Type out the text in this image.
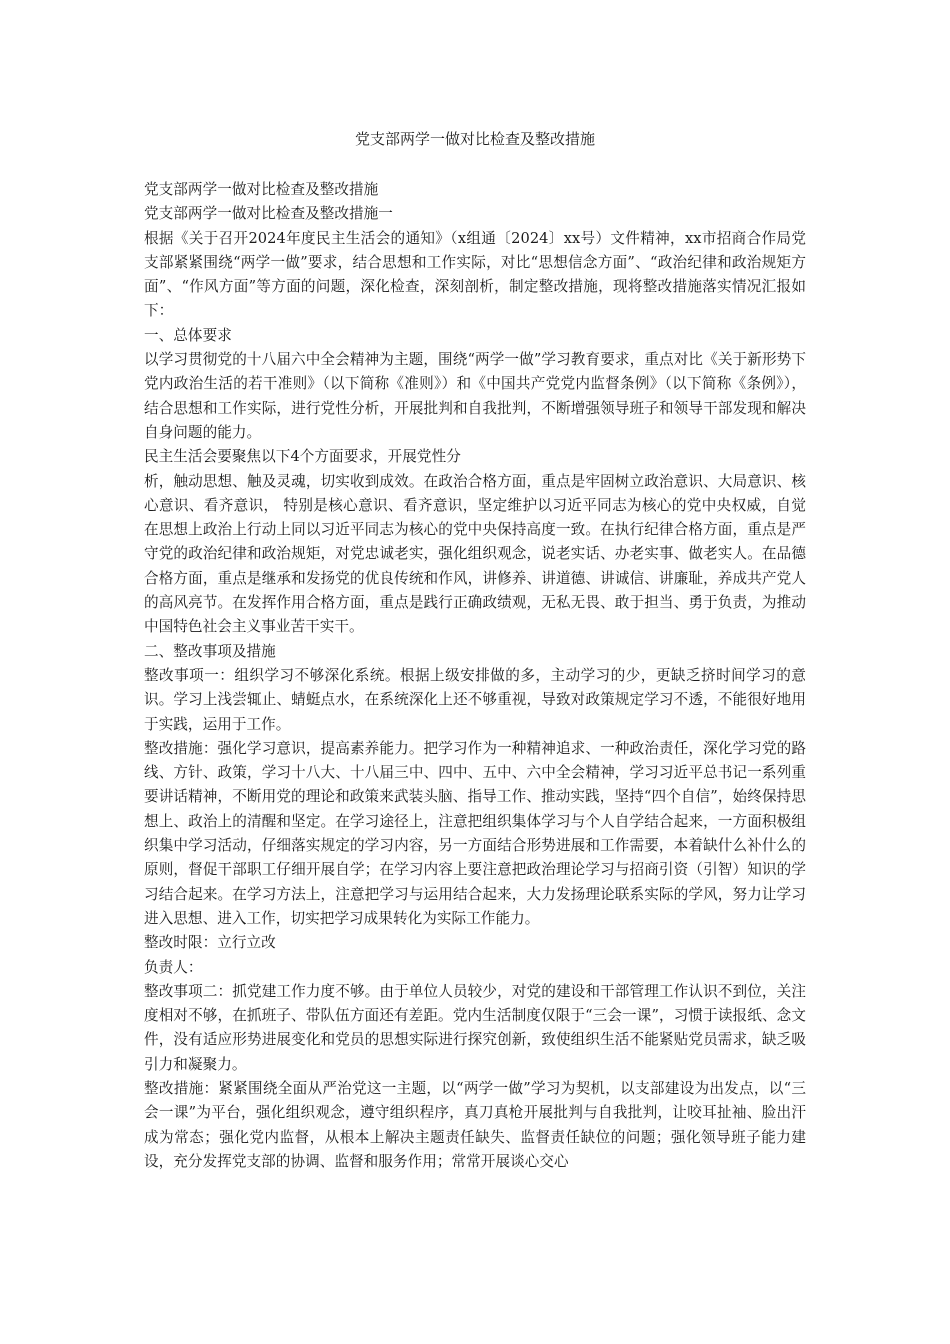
党支部两学一做对比检查及整改措施

党支部两学一做对比检查及整改措施

党支部两学一做对比检查及整改措施一

根据《关于召开2024年度民主生活会的通知》（x组通〔2024〕xx号）文件精神，xx市招商合作局党支部紧紧围绕“两学一做”要求，结合思想和工作实际，对比“思想信念方面”、“政治纪律和政治规矩方面”、“作风方面”等方面的问题，深化检查，深刻剖析，制定整改措施，现将整改措施落实情况汇报如下：

一、总体要求

以学习贯彻党的十八届六中全会精神为主题，围绕“两学一做”学习教育要求，重点对比《关于新形势下党内政治生活的若干准则》（以下简称《准则》）和《中国共产党党内监督条例》（以下简称《条例》），结合思想和工作实际，进行党性分析，开展批判和自我批判，不断增强领导班子和领导干部发现和解决自身问题的能力。

民主生活会要聚焦以下4个方面要求，开展党性分

析，触动思想、触及灵魂，切实收到成效。在政治合格方面，重点是牢固树立政治意识、大局意识、核心意识、看齐意识， 特别是核心意识、看齐意识，坚定维护以习近平同志为核心的党中央权威，自觉在思想上政治上行动上同以习近平同志为核心的党中央保持高度一致。在执行纪律合格方面，重点是严守党的政治纪律和政治规矩，对党忠诚老实，强化组织观念，说老实话、办老实事、做老实人。在品德合格方面，重点是继承和发扬党的优良传统和作风，讲修养、讲道德、讲诚信、讲廉耻，养成共产党人的高风亮节。在发挥作用合格方面，重点是践行正确政绩观，无私无畏、敢于担当、勇于负责，为推动中国特色社会主义事业苦干实干。

二、整改事项及措施

整改事项一：组织学习不够深化系统。根据上级安排做的多，主动学习的少，更缺乏挤时间学习的意识。学习上浅尝辄止、蜻蜓点水，在系统深化上还不够重视，导致对政策规定学习不透，不能很好地用于实践，运用于工作。

整改措施：强化学习意识，提高素养能力。把学习作为一种精神追求、一种政治责任，深化学习党的路线、方针、政策，学习十八大、十八届三中、四中、五中、六中全会精神，学习习近平总书记一系列重要讲话精神，不断用党的理论和政策来武装头脑、指导工作、推动实践，坚持“四个自信”，始终保持思想上、政治上的清醒和坚定。在学习途径上，注意把组织集体学习与个人自学结合起来，一方面积极组织集中学习活动，仔细落实规定的学习内容，另一方面结合形势进展和工作需要，本着缺什么补什么的原则，督促干部职工仔细开展自学；在学习内容上要注意把政治理论学习与招商引资（引智）知识的学习结合起来。在学习方法上，注意把学习与运用结合起来，大力发扬理论联系实际的学风，努力让学习进入思想、进入工作，切实把学习成果转化为实际工作能力。

整改时限：立行立改

负责人：

整改事项二：抓党建工作力度不够。由于单位人员较少，对党的建设和干部管理工作认识不到位，关注度相对不够，在抓班子、带队伍方面还有差距。党内生活制度仅限于“三会一课”，习惯于读报纸、念文件，没有适应形势进展变化和党员的思想实际进行探究创新，致使组织生活不能紧贴党员需求，缺乏吸引力和凝聚力。

整改措施：紧紧围绕全面从严治党这一主题，以“两学一做”学习为契机，以支部建设为出发点，以“三会一课”为平台，强化组织观念，遵守组织程序，真刀真枪开展批判与自我批判，让咬耳扯袖、脸出汗成为常态；强化党内监督，从根本上解决主题责任缺失、监督责任缺位的问题；强化领导班子能力建设，充分发挥党支部的协调、监督和服务作用；常常开展谈心交心
